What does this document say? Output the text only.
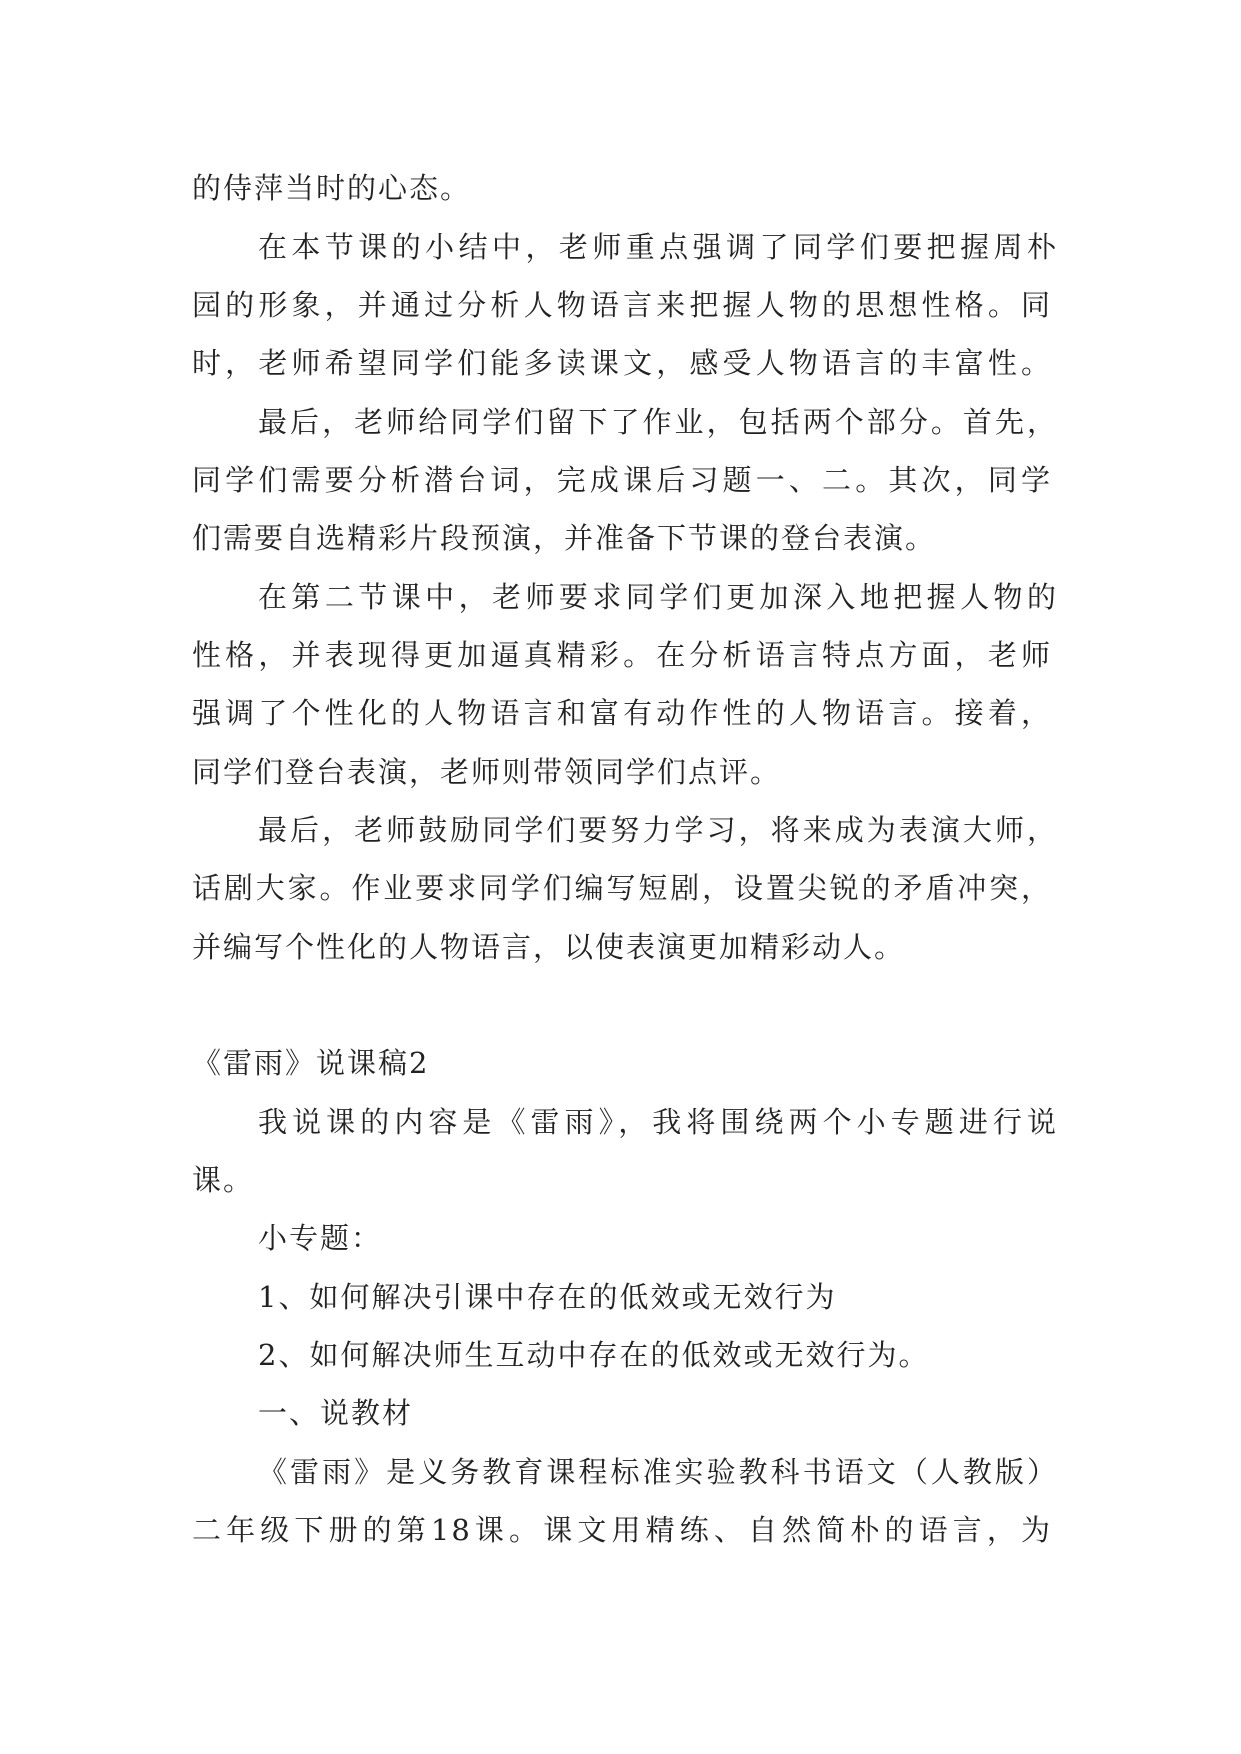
的侍萍当时的心态。
在本节课的小结中，老师重点强调了同学们要把握周朴
园的形象，并通过分析人物语言来把握人物的思想性格。同
时，老师希望同学们能多读课文，感受人物语言的丰富性。
最后，老师给同学们留下了作业，包括两个部分。首先，
同学们需要分析潜台词，完成课后习题一、二。其次，同学
们需要自选精彩片段预演，并准备下节课的登台表演。
在第二节课中，老师要求同学们更加深入地把握人物的
性格，并表现得更加逼真精彩。在分析语言特点方面，老师
强调了个性化的人物语言和富有动作性的人物语言。接着，
同学们登台表演，老师则带领同学们点评。
最后，老师鼓励同学们要努力学习，将来成为表演大师，
话剧大家。作业要求同学们编写短剧，设置尖锐的矛盾冲突，
并编写个性化的人物语言，以使表演更加精彩动人。
《雷雨》说课稿2
我说课的内容是《雷雨》，我将围绕两个小专题进行说
课。
小专题：
1、如何解决引课中存在的低效或无效行为
2、如何解决师生互动中存在的低效或无效行为。
一、说教材
《雷雨》是义务教育课程标准实验教科书语文（人教版）
二年级下册的第18课。课文用精练、自然简朴的语言，为
